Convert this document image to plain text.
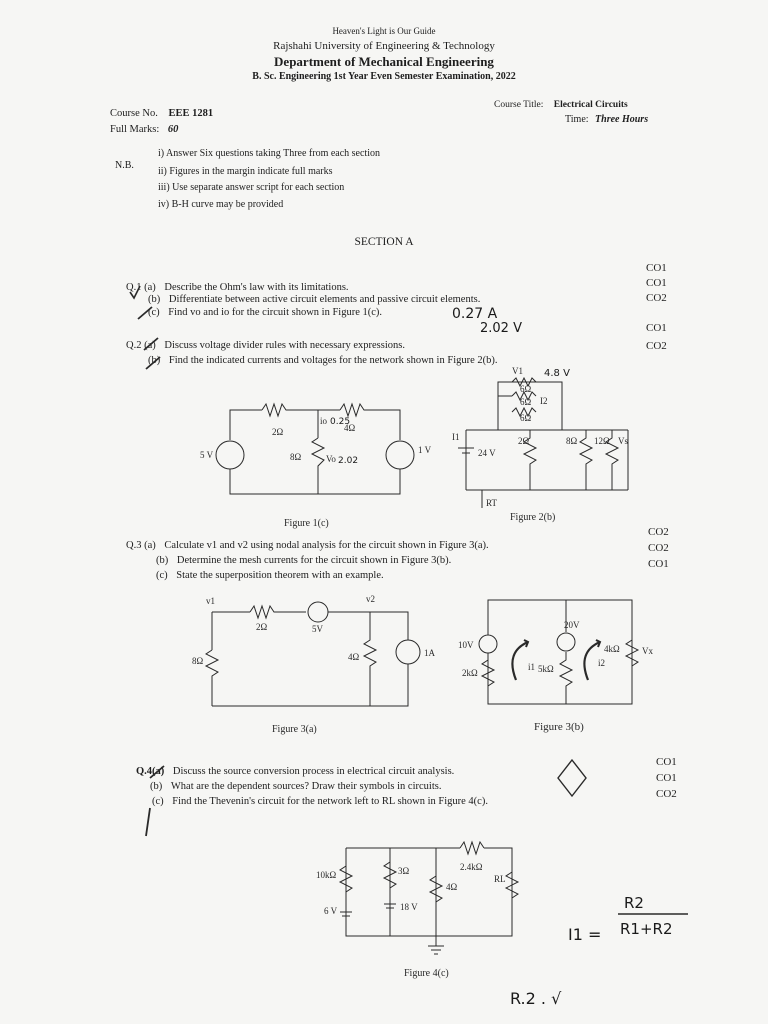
Heaven's Light is Our Guide
Rajshahi University of Engineering & Technology
Department of Mechanical Engineering
B. Sc. Engineering 1st Year Even Semester Examination, 2022
Course No. EEE 1281
Full Marks: 60
Course Title: Electrical Circuits
Time: Three Hours
N.B.
i) Answer Six questions taking Three from each section
ii) Figures in the margin indicate full marks
iii) Use separate answer script for each section
iv) B-H curve may be provided
SECTION A
Q.1 (a) Describe the Ohm's law with its limitations.
(b) Differentiate between active circuit elements and passive circuit elements.
(c) Find vo and io for the circuit shown in Figure 1(c).
CO1
CO1
CO2
Q.2 (a) Discuss voltage divider rules with necessary expressions.
(b) Find the indicated currents and voltages for the network shown in Figure 2(b).
CO1
CO2
Q.3 (a) Calculate v1 and v2 using nodal analysis for the circuit shown in Figure 3(a).
(b) Determine the mesh currents for the circuit shown in Figure 3(b).
(c) State the superposition theorem with an example.
CO2
CO2
CO1
Q.4(a) Discuss the source conversion process in electrical circuit analysis.
(b) What are the dependent sources? Draw their symbols in circuits.
(c) Find the Thevenin's circuit for the network left to RL shown in Figure 4(c).
CO1
CO1
CO2
2Ω	4Ω
8Ω
5 V	1 V
io
Vo
Figure 1(c)
V1
6Ω
6Ω
6Ω
I2
I1
24 V
2Ω	8Ω 12Ω Vs
RT
Figure 2(b)
v1	v2
2Ω	5V
8Ω	4Ω	1A
Figure 3(a)
10V
20V
2kΩ	5kΩ
4kΩ Vx
i1	i2
Figure 3(b)
2.4kΩ
10kΩ	3Ω
4Ω
RL
6 V	18 V
Figure 4(c)
0.27 A
2.02 V
4.8 V
0.25
2.02
I1 =
R2
R1+R2
R.2 . √
